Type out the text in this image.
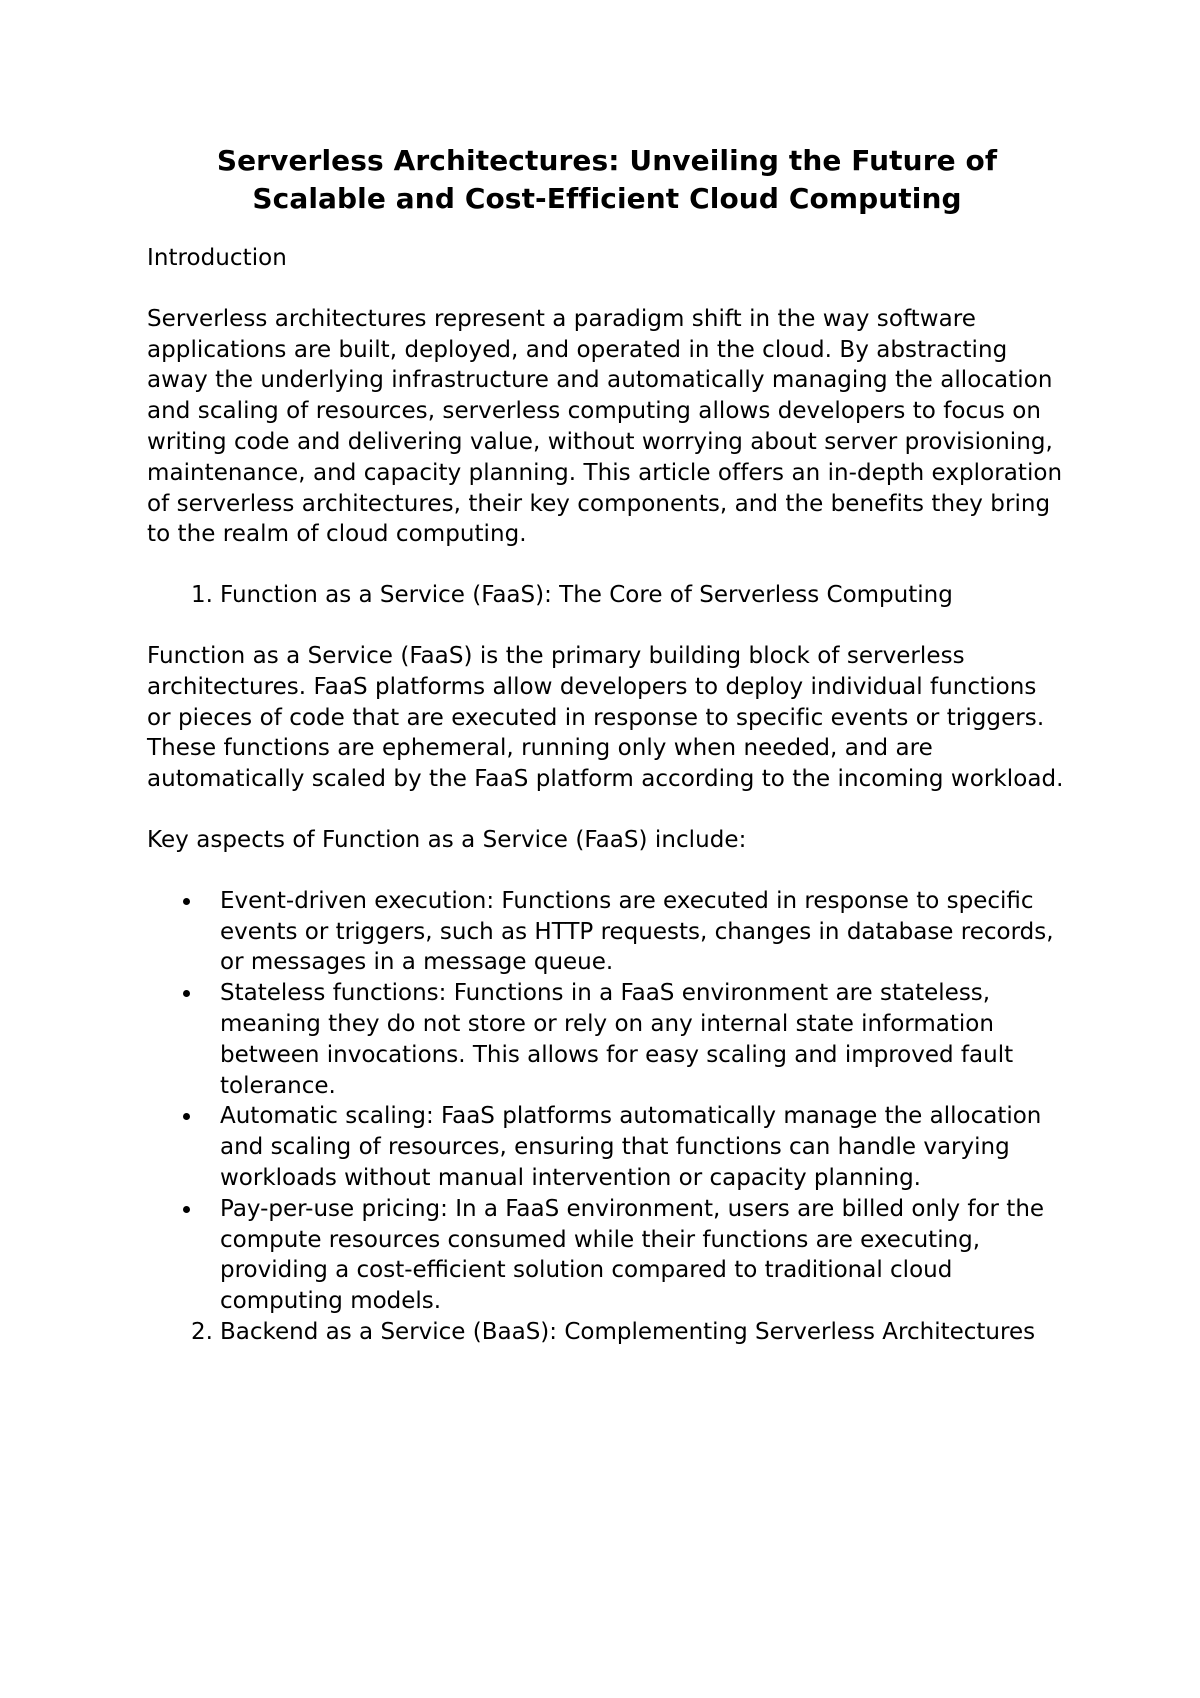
Serverless Architectures: Unveiling the Future of Scalable and Cost-Efficient Cloud Computing

Introduction

Serverless architectures represent a paradigm shift in the way software applications are built, deployed, and operated in the cloud. By abstracting away the underlying infrastructure and automatically managing the allocation and scaling of resources, serverless computing allows developers to focus on writing code and delivering value, without worrying about server provisioning, maintenance, and capacity planning. This article offers an in-depth exploration of serverless architectures, their key components, and the benefits they bring to the realm of cloud computing.

1. Function as a Service (FaaS): The Core of Serverless Computing

Function as a Service (FaaS) is the primary building block of serverless architectures. FaaS platforms allow developers to deploy individual functions or pieces of code that are executed in response to specific events or triggers. These functions are ephemeral, running only when needed, and are automatically scaled by the FaaS platform according to the incoming workload.

Key aspects of Function as a Service (FaaS) include:

Event-driven execution: Functions are executed in response to specific events or triggers, such as HTTP requests, changes in database records, or messages in a message queue.
Stateless functions: Functions in a FaaS environment are stateless, meaning they do not store or rely on any internal state information between invocations. This allows for easy scaling and improved fault tolerance.
Automatic scaling: FaaS platforms automatically manage the allocation and scaling of resources, ensuring that functions can handle varying workloads without manual intervention or capacity planning.
Pay-per-use pricing: In a FaaS environment, users are billed only for the compute resources consumed while their functions are executing, providing a cost-efficient solution compared to traditional cloud computing models.
2. Backend as a Service (BaaS): Complementing Serverless Architectures
